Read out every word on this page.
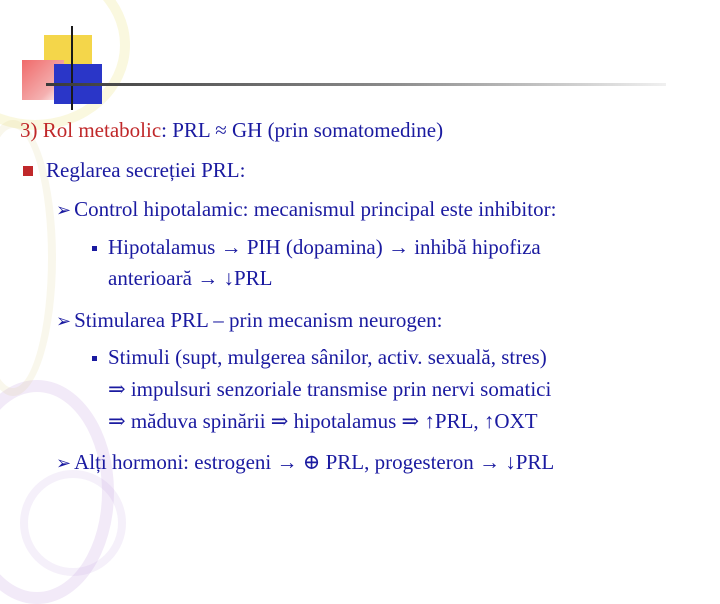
3) Rol metabolic: PRL ≈ GH (prin somatomedine)
Reglarea secreției PRL:
➢ Control hipotalamic: mecanismul principal este inhibitor:
Hipotalamus → PIH (dopamina) → inhibă hipofiza
anterioară → ↓PRL
➢ Stimularea PRL – prin mecanism neurogen:
Stimuli (supt, mulgerea sânilor, activ. sexuală, stres)
⇒ impulsuri senzoriale transmise prin nervi somatici
⇒ măduva spinării ⇒ hipotalamus ⇒ ↑PRL, ↑OXT
➢ Alți hormoni: estrogeni → ⊕ PRL, progesteron → ↓PRL
